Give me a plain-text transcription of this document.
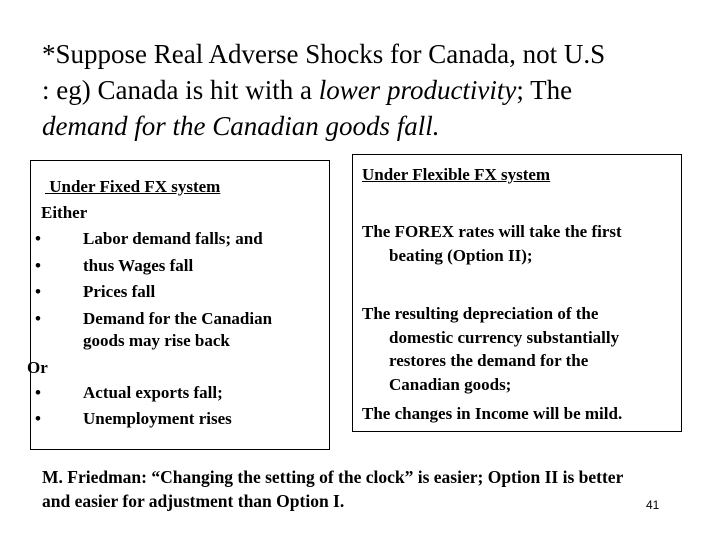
*Suppose Real Adverse Shocks for Canada, not U.S
: eg) Canada is hit with a lower productivity; The
demand for the Canadian goods fall.
Under Fixed FX system
Either
• Labor demand falls; and
• thus Wages fall
• Prices fall
• Demand for the Canadian
goods may rise back
Or
• Actual exports fall;
• Unemployment rises
Under Flexible FX system
The FOREX rates will take the first
beating (Option II);
The resulting depreciation of the
domestic currency substantially
restores the demand for the
Canadian goods;
The changes in Income will be mild.
M. Friedman: “Changing the setting of the clock” is easier; Option II is better
and easier for adjustment than Option I.	41
